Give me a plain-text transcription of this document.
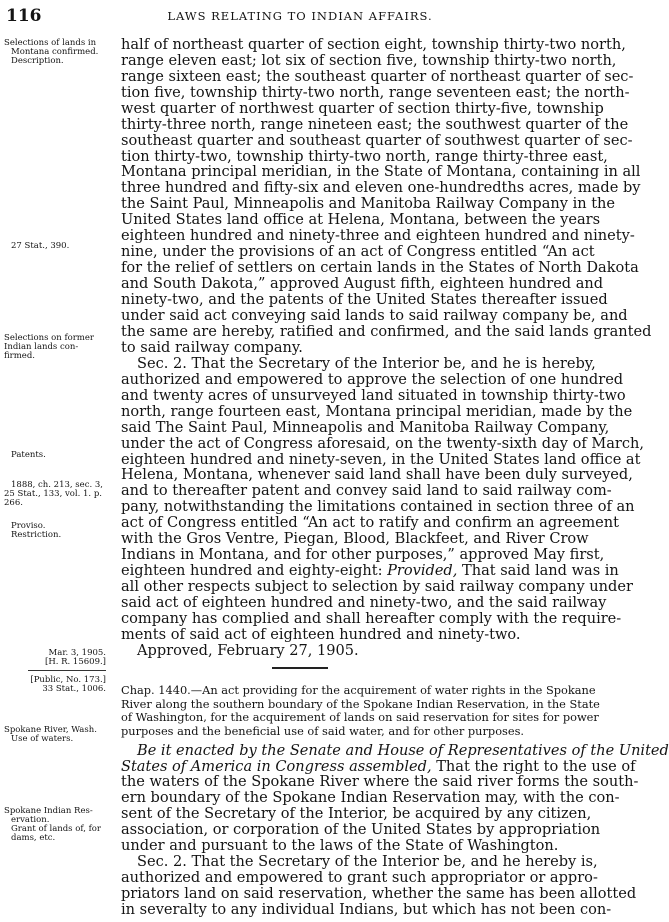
116	LAWS RELATING TO INDIAN AFFAIRS.
Selections of lands in
Montana confirmed.
Description.
27 Stat., 390.
Selections on former
Indian lands con-
firmed.
Patents.
1888, ch. 213, sec. 3,
25 Stat., 133, vol. 1. p.
266.
Proviso.
Restriction.
Mar. 3, 1905.
[H. R. 15609.]
[Public, No. 173.]
33 Stat., 1006.
Spokane River, Wash.
Use of waters.
Spokane Indian Res-
ervation.
Grant of lands of, for
dams, etc.
half of northeast quarter of section eight, township thirty-two north,
range eleven east; lot six of section five, township thirty-two north,
range sixteen east; the southeast quarter of northeast quarter of sec-
tion five, township thirty-two north, range seventeen east; the north-
west quarter of northwest quarter of section thirty-five, township
thirty-three north, range nineteen east; the southwest quarter of the
southeast quarter and southeast quarter of southwest quarter of sec-
tion thirty-two, township thirty-two north, range thirty-three east,
Montana principal meridian, in the State of Montana, containing in all
three hundred and fifty-six and eleven one-hundredths acres, made by
the Saint Paul, Minneapolis and Manitoba Railway Company in the
United States land office at Helena, Montana, between the years
eighteen hundred and ninety-three and eighteen hundred and ninety-
nine, under the provisions of an act of Congress entitled “An act
for the relief of settlers on certain lands in the States of North Dakota
and South Dakota,” approved August fifth, eighteen hundred and
ninety-two, and the patents of the United States thereafter issued
under said act conveying said lands to said railway company be, and
the same are hereby, ratified and confirmed, and the said lands granted
to said railway company.
Sec. 2. That the Secretary of the Interior be, and he is hereby,
authorized and empowered to approve the selection of one hundred
and twenty acres of unsurveyed land situated in township thirty-two
north, range fourteen east, Montana principal meridian, made by the
said The Saint Paul, Minneapolis and Manitoba Railway Company,
under the act of Congress aforesaid, on the twenty-sixth day of March,
eighteen hundred and ninety-seven, in the United States land office at
Helena, Montana, whenever said land shall have been duly surveyed,
and to thereafter patent and convey said land to said railway com-
pany, notwithstanding the limitations contained in section three of an
act of Congress entitled “An act to ratify and confirm an agreement
with the Gros Ventre, Piegan, Blood, Blackfeet, and River Crow
Indians in Montana, and for other purposes,” approved May first,
eighteen hundred and eighty-eight: Provided, That said land was in
all other respects subject to selection by said railway company under
said act of eighteen hundred and ninety-two, and the said railway
company has complied and shall hereafter comply with the require-
ments of said act of eighteen hundred and ninety-two.
Approved, February 27, 1905.
Chap. 1440.—An act providing for the acquirement of water rights in the Spokane
River along the southern boundary of the Spokane Indian Reservation, in the State
of Washington, for the acquirement of lands on said reservation for sites for power
purposes and the beneficial use of said water, and for other purposes.
Be it enacted by the Senate and House of Representatives of the United
States of America in Congress assembled, That the right to the use of
the waters of the Spokane River where the said river forms the south-
ern boundary of the Spokane Indian Reservation may, with the con-
sent of the Secretary of the Interior, be acquired by any citizen,
association, or corporation of the United States by appropriation
under and pursuant to the laws of the State of Washington.
Sec. 2. That the Secretary of the Interior be, and he hereby is,
authorized and empowered to grant such appropriator or appro-
priators land on said reservation, whether the same has been allotted
in severalty to any individual Indians, but which has not been con-
